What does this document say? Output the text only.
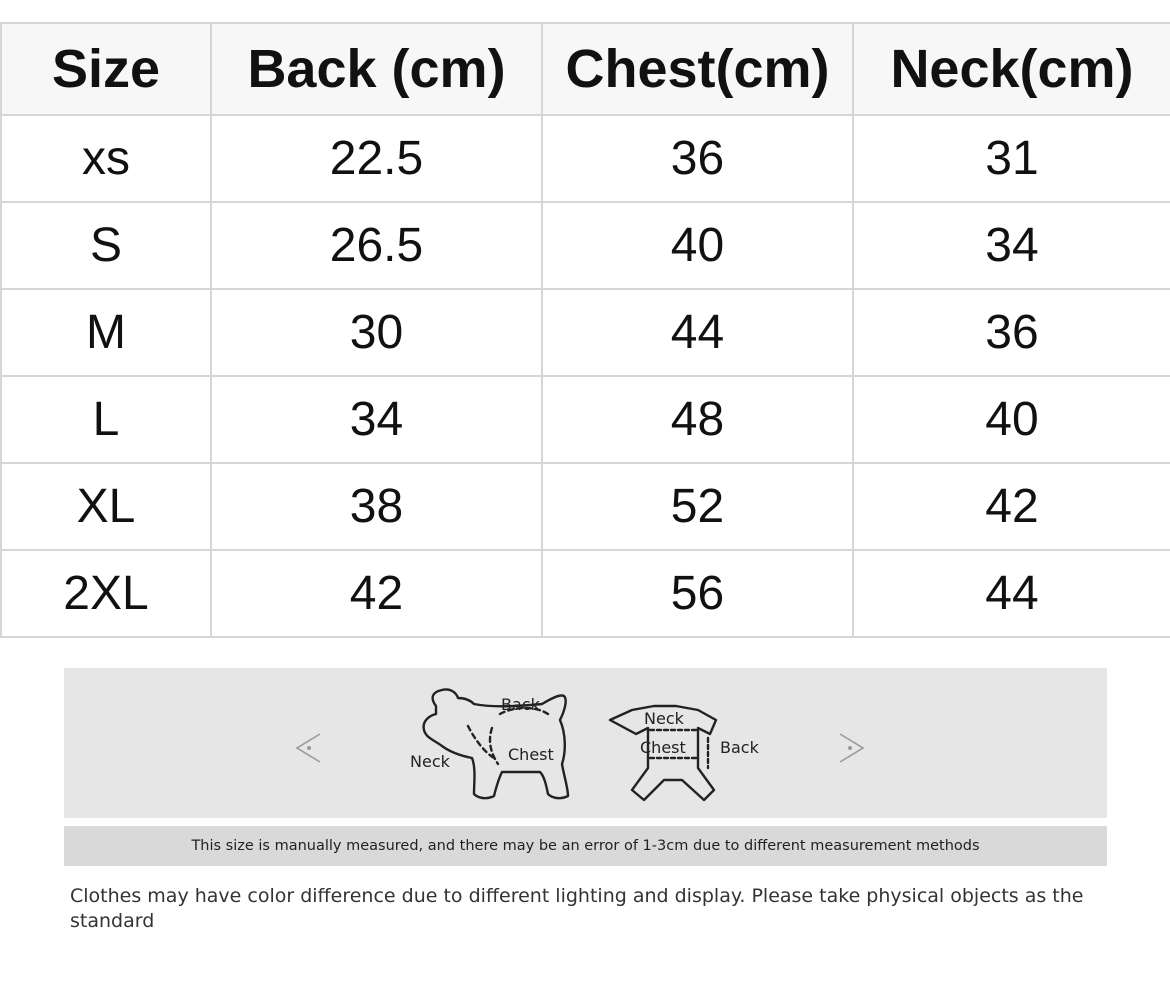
Size	Back (cm)	Chest(cm)	Neck(cm)
xs	22.5	36	31
S	26.5	40	34
M	30	44	36
L	34	48	40
XL	38	52	42
2XL	42	56	44
Back
Neck	Chest
Neck
Chest Back
This size is manually measured, and there may be an error of 1-3cm due to different measurement methods

Clothes may have color difference due to different lighting and display. Please take physical objects as the standard
